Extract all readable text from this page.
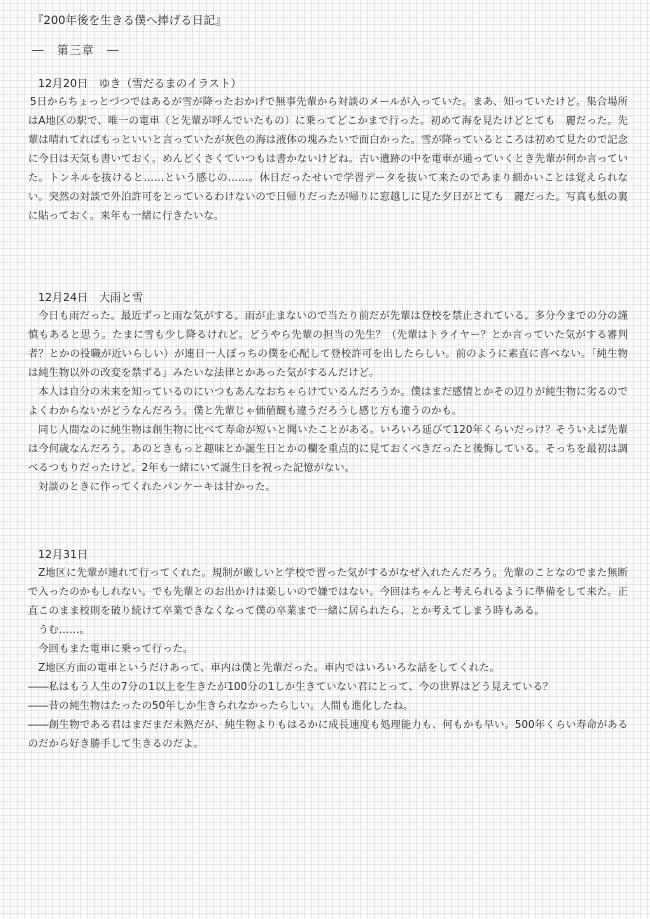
『200年後を生きる僕へ捧げる日記』
―　第三章　―
12月20日　ゆき（雪だるまのイラスト）

5日からちょっとづつではあるが雪が降ったおかげで無事先輩から対談のメールが入っていた。まあ、知っていたけど。集合場所はA地区の駅で、唯一の電車（と先輩が呼んでいたもの）に乗ってどこかまで行った。初めて海を見たけどとても　麗だった。先輩は晴れてればもっといいと言っていたが灰色の海は液体の塊みたいで面白かった。雪が降っているところは初めて見たので記念に今日は天気も書いておく。めんどくさくていつもは書かないけどね。古い遺跡の中を電車が通っていくとき先輩が何か言っていた。トンネルを抜けると……という感じの……。休日だったせいで学習データを抜いて来たのであまり細かいことは覚えられない。突然の対談で外泊許可をとっているわけないので日帰りだったが帰りに窓越しに見た夕日がとても　麗だった。写真も紙の裏に貼っておく。来年も一緒に行きたいな。

12月24日　大雨と雪

今日も雨だった。最近ずっと雨な気がする。雨が止まないので当たり前だが先輩は登校を禁止されている。多分今までの分の謹慎もあると思う。たまに雪も少し降るけれど。どうやら先輩の担当の先生？（先輩はトライヤー？とか言っていた気がする審判者？とかの役職が近いらしい）が連日一人ぼっちの僕を心配して登校許可を出したらしい。前のように素直に喜べない。「純生物は純生物以外の改変を禁ずる」みたいな法律とかあった気がするんだけど。

本人は自分の未来を知っているのにいつもあんなおちゃらけているんだろうか。僕はまだ感情とかその辺りが純生物に劣るのでよくわからないがどうなんだろう。僕と先輩じゃ価値観も違うだろうし感じ方も違うのかも。

同じ人間なのに純生物は創生物に比べて寿命が短いと聞いたことがある。いろいろ延びて120年くらいだっけ？そういえば先輩は今何歳なんだろう。あのときもっと趣味とか誕生日とかの欄を重点的に見ておくべきだったと後悔している。そっちを最初は調べるつもりだったけど。2年も一緒にいて誕生日を祝った記憶がない。

対談のときに作ってくれたパンケーキは甘かった。

12月31日

Z地区に先輩が連れて行ってくれた。規制が厳しいと学校で習った気がするがなぜ入れたんだろう。先輩のことなのでまた無断で入ったのかもしれない。でも先輩とのお出かけは楽しいので嫌ではない。今回はちゃんと考えられるように準備をして来た。正直このまま校則を破り続けて卒業できなくなって僕の卒業まで一緒に居られたら、とか考えてしまう時もある。

うむ……。

今回もまた電車に乗って行った。

Z地区方面の電車というだけあって、車内は僕と先輩だった。車内ではいろいろな話をしてくれた。

――私はもう人生の7分の1以上を生きたが100分の1しか生きていない君にとって、今の世界はどう見えている？

――昔の純生物はたったの50年しか生きられなかったらしい。人間も進化したね。

――創生物である君はまだまだ未熟だが、純生物よりもはるかに成長速度も処理能力も、何もかも早い。500年くらい寿命があるのだから好き勝手して生きるのだよ。
